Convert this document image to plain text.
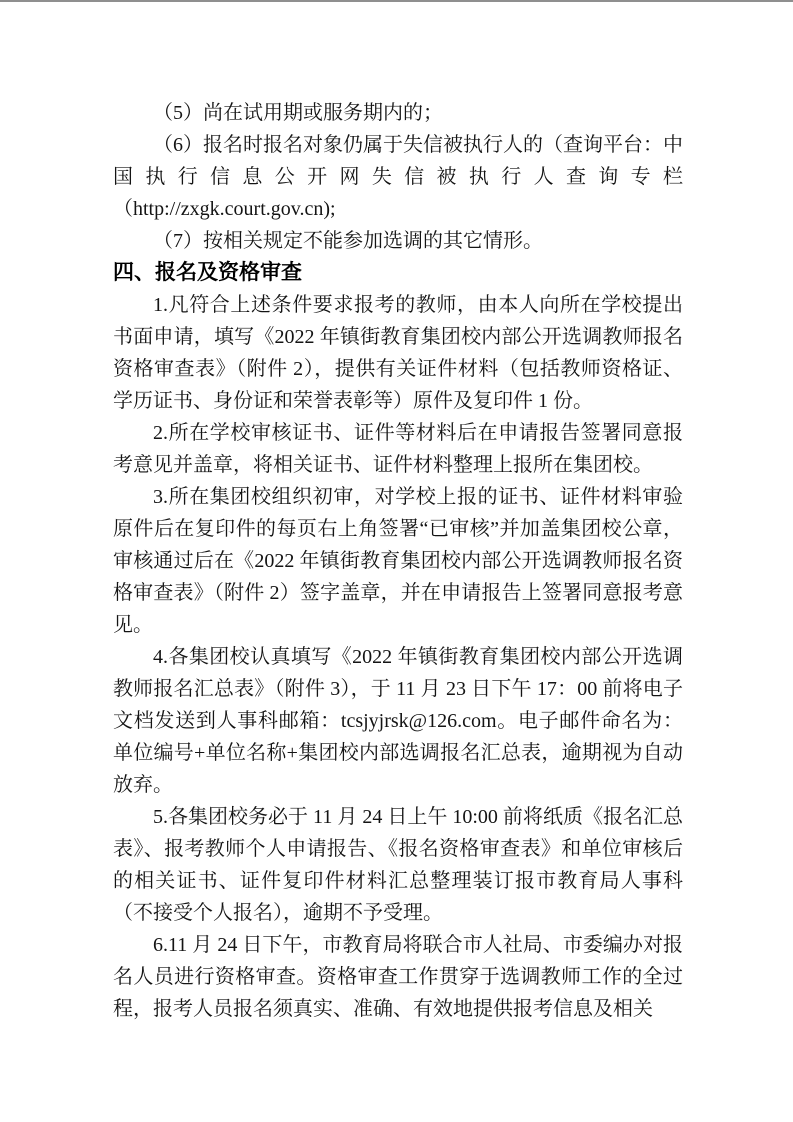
（5）尚在试用期或服务期内的；

（6）报名时报名对象仍属于失信被执行人的（查询平台：中国执行信息公开网失信被执行人查询专栏（http://zxgk.court.gov.cn);

（7）按相关规定不能参加选调的其它情形。

四、报名及资格审查

1.凡符合上述条件要求报考的教师，由本人向所在学校提出书面申请，填写《2022 年镇街教育集团校内部公开选调教师报名资格审查表》（附件 2），提供有关证件材料（包括教师资格证、学历证书、身份证和荣誉表彰等）原件及复印件 1 份。

2.所在学校审核证书、证件等材料后在申请报告签署同意报考意见并盖章，将相关证书、证件材料整理上报所在集团校。

3.所在集团校组织初审，对学校上报的证书、证件材料审验原件后在复印件的每页右上角签署“已审核”并加盖集团校公章，审核通过后在《2022 年镇街教育集团校内部公开选调教师报名资格审查表》（附件 2）签字盖章，并在申请报告上签署同意报考意见。

4.各集团校认真填写《2022 年镇街教育集团校内部公开选调教师报名汇总表》（附件 3），于 11 月 23 日下午 17：00 前将电子文档发送到人事科邮箱：tcsjyjrsk@126.com。电子邮件命名为：单位编号+单位名称+集团校内部选调报名汇总表，逾期视为自动放弃。

5.各集团校务必于 11 月 24 日上午 10:00 前将纸质《报名汇总表》、报考教师个人申请报告、《报名资格审查表》和单位审核后的相关证书、证件复印件材料汇总整理装订报市教育局人事科（不接受个人报名），逾期不予受理。

6.11 月 24 日下午，市教育局将联合市人社局、市委编办对报名人员进行资格审查。资格审查工作贯穿于选调教师工作的全过程，报考人员报名须真实、准确、有效地提供报考信息及相关
